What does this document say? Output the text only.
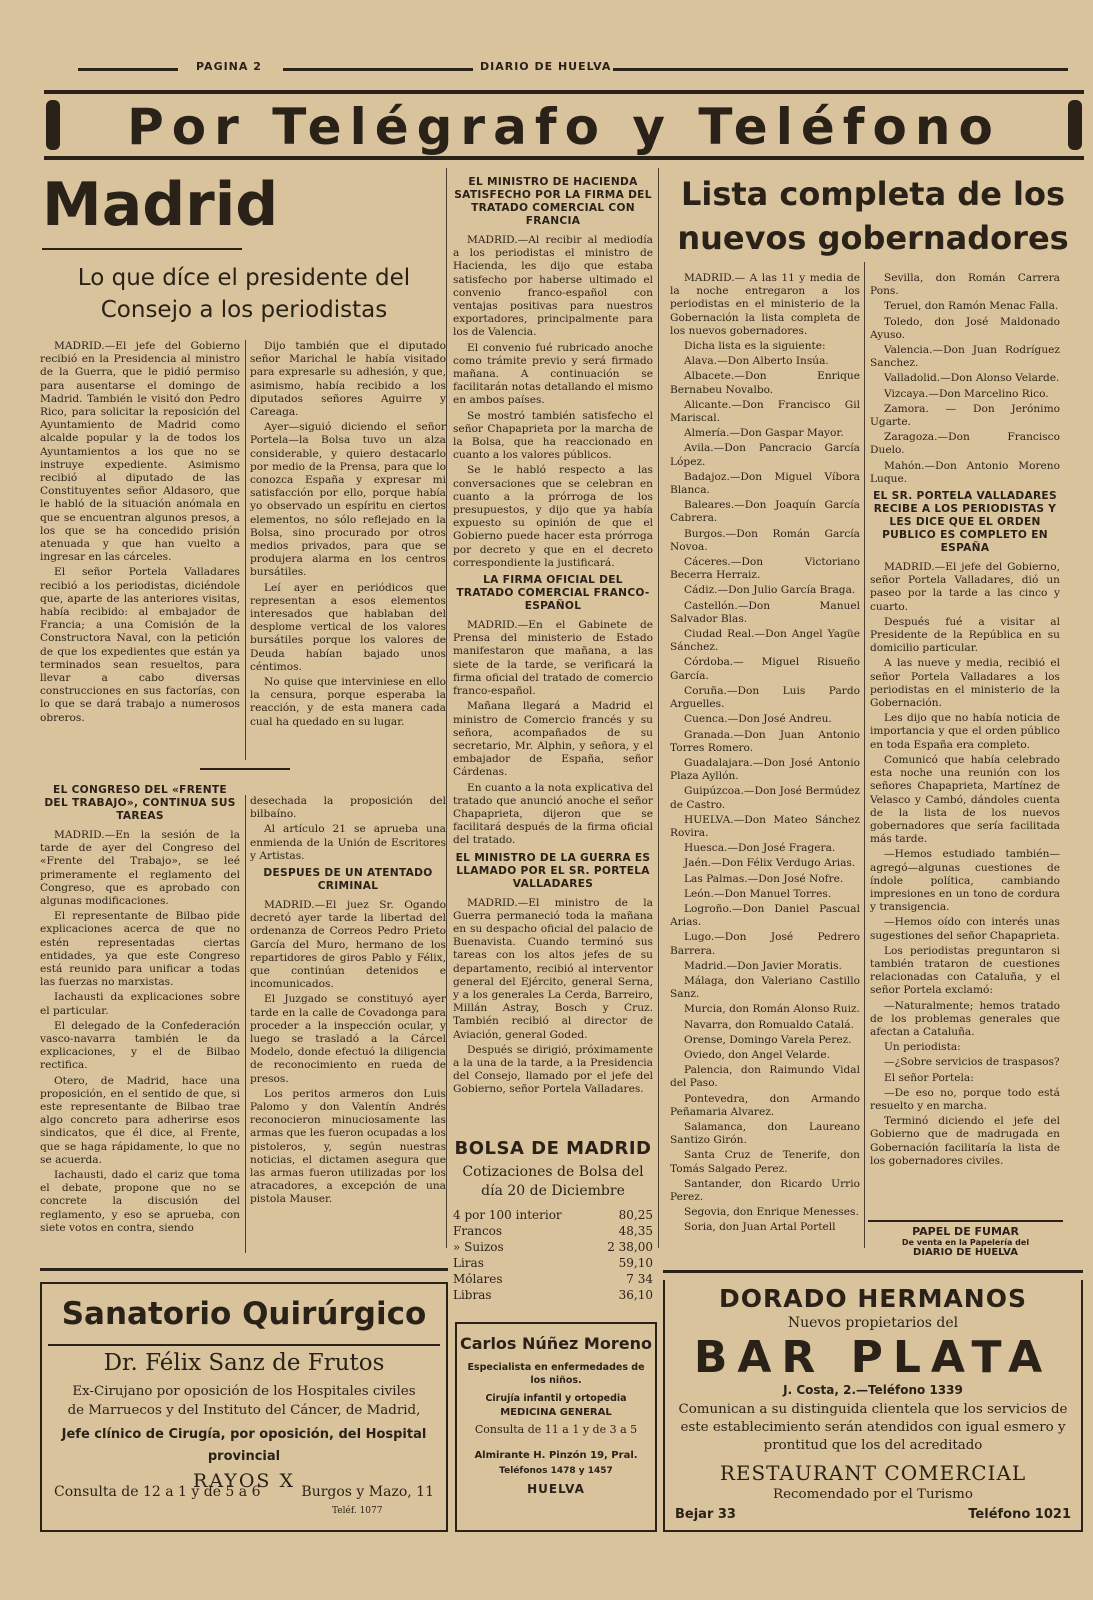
PAGINA 2	DIARIO DE HUELVA
Por Telégrafo y Teléfono
Madrid
Lo que díce el presidente del Consejo a los periodistas

MADRID.—El jefe del Gobierno recibió en la Presidencia al ministro de la Guerra, que le pidió permiso para ausentarse el domingo de Madrid. También le visitó don Pedro Rico, para solicitar la reposición del Ayuntamiento de Madrid como alcalde popular y la de todos los Ayuntamientos a los que no se instruye expediente. Asimismo recibió al diputado de las Constituyentes señor Aldasoro, que le habló de la situación anómala en que se encuentran algunos presos, a los que se ha concedido prisión atenuada y que han vuelto a ingresar en las cárceles.

El señor Portela Valladares recibió a los periodistas, diciéndole que, aparte de las anteriores visitas, había recibido: al embajador de Francia; a una Comisión de la Constructora Naval, con la petición de que los expedientes que están ya terminados sean resueltos, para llevar a cabo diversas construcciones en sus factorías, con lo que se dará trabajo a numerosos obreros.

Dijo también que el diputado señor Marichal le había visitado para expresarle su adhesión, y que, asimismo, había recibido a los diputados señores Aguirre y Careaga.

Ayer—siguió diciendo el señor Portela—la Bolsa tuvo un alza considerable, y quiero destacarlo por medio de la Prensa, para que lo conozca España y expresar mi satisfacción por ello, porque había yo observado un espíritu en ciertos elementos, no sólo reflejado en la Bolsa, sino procurado por otros medios privados, para que se produjera alarma en los centros bursátiles.

Leí ayer en periódicos que representan a esos elementos interesados que hablaban del desplome vertical de los valores bursátiles porque los valores de Deuda habían bajado unos céntimos.

No quise que interviniese en ello la censura, porque esperaba la reacción, y de esta manera cada cual ha quedado en su lugar.

EL CONGRESO DEL «FRENTE DEL TRABAJO», CONTINUA SUS TAREAS

MADRID.—En la sesión de la tarde de ayer del Congreso del «Frente del Trabajo», se leé primeramente el reglamento del Congreso, que es aprobado con algunas modificaciones.

El representante de Bilbao pide explicaciones acerca de que no estén representadas ciertas entidades, ya que este Congreso está reunido para unificar a todas las fuerzas no marxistas.

Iachausti da explicaciones sobre el particular.

El delegado de la Confederación vasco-navarra también le da explicaciones, y el de Bilbao rectifica.

Otero, de Madrid, hace una proposición, en el sentido de que, si este representante de Bilbao trae algo concreto para adherirse esos sindicatos, que él dice, al Frente, que se haga rápidamente, lo que no se acuerda.

Iachausti, dado el cariz que toma el debate, propone que no se concrete la discusión del reglamento, y eso se aprueba, con siete votos en contra, siendo

desechada la proposición del bilbaíno.

Al artículo 21 se aprueba una enmienda de la Unión de Escritores y Artistas.

DESPUES DE UN ATENTADO CRIMINAL

MADRID.—El juez Sr. Ogando decretó ayer tarde la libertad del ordenanza de Correos Pedro Prieto García del Muro, hermano de los repartidores de giros Pablo y Félix, que continúan detenidos e incomunicados.

El Juzgado se constituyó ayer tarde en la calle de Covadonga para proceder a la inspección ocular, y luego se trasladó a la Cárcel Modelo, donde efectuó la diligencia de reconocimiento en rueda de presos.

Los peritos armeros don Luis Palomo y don Valentín Andrés reconocieron minuciosamente las armas que les fueron ocupadas a los pistoleros, y, según nuestras noticias, el dictamen asegura que las armas fueron utilizadas por los atracadores, a excepción de una pistola Mauser.

EL MINISTRO DE HACIENDA SATISFECHO POR LA FIRMA DEL TRATADO COMERCIAL CON FRANCIA

MADRID.—Al recibir al mediodía a los periodistas el ministro de Hacienda, les dijo que estaba satisfecho por haberse ultimado el convenio franco-español con ventajas positivas para nuestros exportadores, principalmente para los de Valencia.

El convenio fué rubricado anoche como trámite previo y será firmado mañana. A continuación se facilitarán notas detallando el mismo en ambos países.

Se mostró también satisfecho el señor Chapaprieta por la marcha de la Bolsa, que ha reaccionado en cuanto a los valores públicos.

Se le habló respecto a las conversaciones que se celebran en cuanto a la prórroga de los presupuestos, y dijo que ya había expuesto su opinión de que el Gobierno puede hacer esta prórroga por decreto y que en el decreto correspondiente la justificará.

LA FIRMA OFICIAL DEL TRATADO COMERCIAL FRANCO-ESPAÑOL

MADRID.—En el Gabinete de Prensa del ministerio de Estado manifestaron que mañana, a las siete de la tarde, se verificará la firma oficial del tratado de comercio franco-español.

Mañana llegará a Madrid el ministro de Comercio francés y su señora, acompañados de su secretario, Mr. Alphin, y señora, y el embajador de España, señor Cárdenas.

En cuanto a la nota explicativa del tratado que anunció anoche el señor Chapaprieta, dijeron que se facilitará después de la firma oficial del tratado.

EL MINISTRO DE LA GUERRA ES LLAMADO POR EL SR. PORTELA VALLADARES

MADRID.—El ministro de la Guerra permaneció toda la mañana en su despacho oficial del palacio de Buenavista. Cuando terminó sus tareas con los altos jefes de su departamento, recibió al interventor general del Ejército, general Serna, y a los generales La Cerda, Barreiro, Millán Astray, Bosch y Cruz. También recibió al director de Aviación, general Goded.

Después se dirigió, próximamente a la una de la tarde, a la Presidencia del Consejo, llamado por el jefe del Gobierno, señor Portela Valladares.

BOLSA DE MADRID
Cotizaciones de Bolsa del día 20 de Diciembre
4 por 100 interior	80,25
Francos	48,35
» Suizos	2 38,00
Liras	59,10
Mólares	7 34
Libras	36,10
Lista completa de los nuevos gobernadores

MADRID.— A las 11 y media de la noche entregaron a los periodistas en el ministerio de la Gobernación la lista completa de los nuevos gobernadores.

Dicha lista es la siguiente:

Alava.—Don Alberto Insúa.

Albacete.—Don Enrique Bernabeu Novalbo.

Alicante.—Don Francisco Gil Mariscal.

Almería.—Don Gaspar Mayor.

Avila.—Don Pancracio García López.

Badajoz.—Don Miguel Víbora Blanca.

Baleares.—Don Joaquín García Cabrera.

Burgos.—Don Román García Novoa.

Cáceres.—Don Victoriano Becerra Herraiz.

Cádiz.—Don Julio García Braga.

Castellón.—Don Manuel Salvador Blas.

Ciudad Real.—Don Angel Yagüe Sánchez.

Córdoba.— Miguel Risueño García.

Coruña.—Don Luis Pardo Arguelles.

Cuenca.—Don José Andreu.

Granada.—Don Juan Antonio Torres Romero.

Guadalajara.—Don José Antonio Plaza Ayllón.

Guipúzcoa.—Don José Bermúdez de Castro.

HUELVA.—Don Mateo Sánchez Rovira.

Huesca.—Don José Fragera.

Jaén.—Don Félix Verdugo Arias.

Las Palmas.—Don José Nofre.

León.—Don Manuel Torres.

Logroño.—Don Daniel Pascual Arias.

Lugo.—Don José Pedrero Barrera.

Madrid.—Don Javier Moratis.

Málaga, don Valeriano Castillo Sanz.

Murcia, don Román Alonso Ruiz.

Navarra, don Romualdo Catalá.

Orense, Domingo Varela Perez.

Oviedo, don Angel Velarde.

Palencia, don Raimundo Vidal del Paso.

Pontevedra, don Armando Peñamaria Alvarez.

Salamanca, don Laureano Santizo Girón.

Santa Cruz de Tenerife, don Tomás Salgado Perez.

Santander, don Ricardo Urrio Perez.

Segovia, don Enrique Menesses.

Soria, don Juan Artal Portell

Sevilla, don Román Carrera Pons.

Teruel, don Ramón Menac Falla.

Toledo, don José Maldonado Ayuso.

Valencia.—Don Juan Rodríguez Sanchez.

Valladolid.—Don Alonso Velarde.

Vizcaya.—Don Marcelino Rico.

Zamora. — Don Jerónimo Ugarte.

Zaragoza.—Don Francisco Duelo.

Mahón.—Don Antonio Moreno Luque.

EL SR. PORTELA VALLADARES RECIBE A LOS PERIODISTAS Y LES DICE QUE EL ORDEN PUBLICO ES COMPLETO EN ESPAÑA

MADRID.—El jefe del Gobierno, señor Portela Valladares, dió un paseo por la tarde a las cinco y cuarto.

Después fué a visitar al Presidente de la República en su domicilio particular.

A las nueve y media, recibió el señor Portela Valladares a los periodistas en el ministerio de la Gobernación.

Les dijo que no había noticia de importancia y que el orden público en toda España era completo.

Comunicó que había celebrado esta noche una reunión con los señores Chapaprieta, Martínez de Velasco y Cambó, dándoles cuenta de la lista de los nuevos gobernadores que sería facilitada más tarde.

—Hemos estudiado también—agregó—algunas cuestiones de índole política, cambiando impresiones en un tono de cordura y transigencia.

—Hemos oído con interés unas sugestiones del señor Chapaprieta.

Los periodistas preguntaron si también trataron de cuestiones relacionadas con Cataluña, y el señor Portela exclamó:

—Naturalmente; hemos tratado de los problemas generales que afectan a Cataluña.

Un periodista:

—¿Sobre servicios de traspasos?

El señor Portela:

—De eso no, porque todo está resuelto y en marcha.

Terminó diciendo el jefe del Gobierno que de madrugada en Gobernación facilitaría la lista de los gobernadores civiles.

PAPEL DE FUMAR
De venta en la Papelería del
DIARIO DE HUELVA
Sanatorio Quirúrgico
Dr. Félix Sanz de Frutos
Ex-Cirujano por oposición de los Hospitales civiles
de Marruecos y del Instituto del Cáncer, de Madrid,
Jefe clínico de Cirugía, por oposición, del Hospital provincial
RAYOS X
Consulta de 12 a 1 y de 5 a 6	Burgos y Mazo, 11
Teléf. 1077
Carlos Núñez Moreno
Especialista en enfermedades de los niños.
Cirujía infantil y ortopedia
MEDICINA GENERAL
Consulta de 11 a 1 y de 3 a 5
Almirante H. Pinzón 19, Pral.
Teléfonos 1478 y 1457
HUELVA
DORADO HERMANOS
Nuevos propietarios del
BAR PLATA
J. Costa, 2.—Teléfono 1339
Comunican a su distinguida clientela que los servicios de este establecimiento serán atendidos con igual esmero y prontitud que los del acreditado
RESTAURANT COMERCIAL
Recomendado por el Turismo
Bejar 33	Teléfono 1021
